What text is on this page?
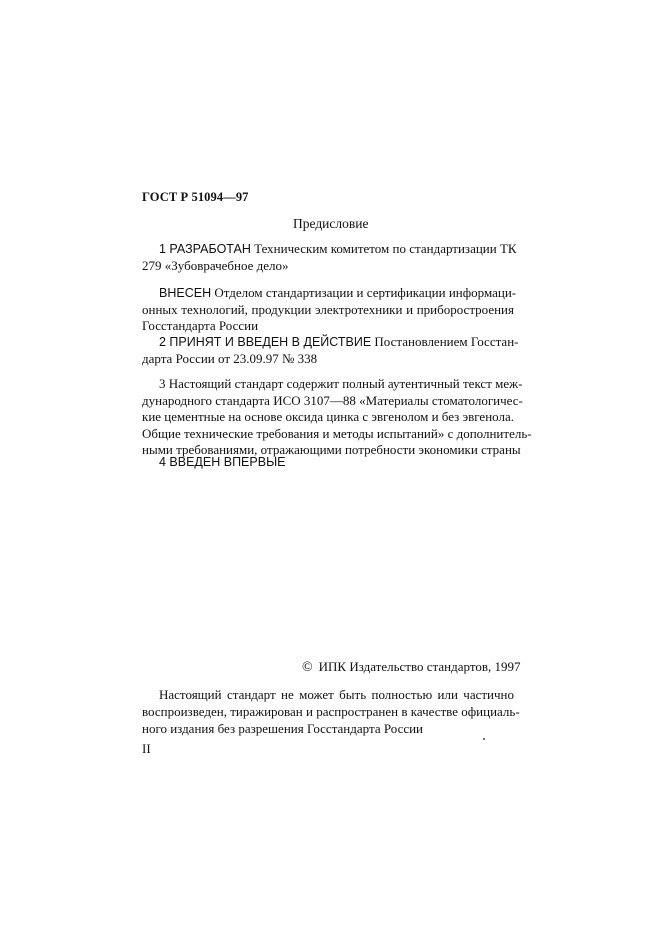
ГОСТ Р 51094—97
Предисловие
1 РАЗРАБОТАН Техническим комитетом по стандартизации ТК
279 «Зубоврачебное дело»
ВНЕСЕН Отделом стандартизации и сертификации информаци-
онных технологий, продукции электротехники и приборостроения
Госстандарта России
2 ПРИНЯТ И ВВЕДЕН В ДЕЙСТВИЕ Постановлением Госстан-
дарта России от 23.09.97 № 338
3 Настоящий стандарт содержит полный аутентичный текст меж-
дународного стандарта ИСО 3107—88 «Материалы стоматологичес-
кие цементные на основе оксида цинка с эвгенолом и без эвгенола.
Общие технические требования и методы испытаний» с дополнитель-
ными требованиями, отражающими потребности экономики страны
4 ВВЕДЕН ВПЕРВЫЕ
© ИПК Издательство стандартов, 1997
Настоящий стандарт не может быть полностью или частично
воспроизведен, тиражирован и распространен в качестве официаль-
ного издания без разрешения Госстандарта России
II
